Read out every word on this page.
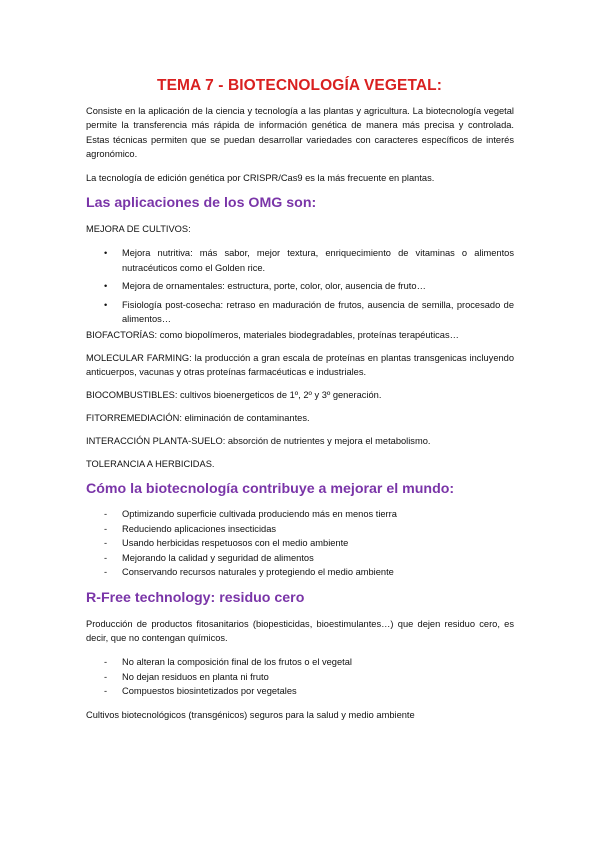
TEMA 7 - BIOTECNOLOGÍA VEGETAL:

Consiste en la aplicación de la ciencia y tecnología a las plantas y agricultura. La biotecnología vegetal permite la transferencia más rápida de información genética de manera más precisa y controlada. Estas técnicas permiten que se puedan desarrollar variedades con caracteres específicos de interés agronómico.

La tecnología de edición genética por CRISPR/Cas9 es la más frecuente en plantas.

Las aplicaciones de los OMG son:

MEJORA DE CULTIVOS:

• Mejora nutritiva: más sabor, mejor textura, enriquecimiento de vitaminas o alimentos nutracéuticos como el Golden rice.
• Mejora de ornamentales: estructura, porte, color, olor, ausencia de fruto…
• Fisiología post-cosecha: retraso en maduración de frutos, ausencia de semilla, procesado de alimentos…

BIOFACTORÍAS: como biopolímeros, materiales biodegradables, proteínas terapéuticas…

MOLECULAR FARMING: la producción a gran escala de proteínas en plantas transgenicas incluyendo anticuerpos, vacunas y otras proteínas farmacéuticas e industriales.

BIOCOMBUSTIBLES: cultivos bioenergeticos de 1º, 2º y 3º generación.

FITORREMEDIACIÓN: eliminación de contaminantes.

INTERACCIÓN PLANTA-SUELO: absorción de nutrientes y mejora el metabolismo.

TOLERANCIA A HERBICIDAS.

Cómo la biotecnología contribuye a mejorar el mundo:
- Optimizando superficie cultivada produciendo más en menos tierra
- Reduciendo aplicaciones insecticidas
- Usando herbicidas respetuosos con el medio ambiente
- Mejorando la calidad y seguridad de alimentos
- Conservando recursos naturales y protegiendo el medio ambiente
R-Free technology: residuo cero

Producción de productos fitosanitarios (biopesticidas, bioestimulantes…) que dejen residuo cero, es decir, que no contengan químicos.

- No alteran la composición final de los frutos o el vegetal
- No dejan residuos en planta ni fruto
- Compuestos biosintetizados por vegetales

Cultivos biotecnológicos (transgénicos) seguros para la salud y medio ambiente
